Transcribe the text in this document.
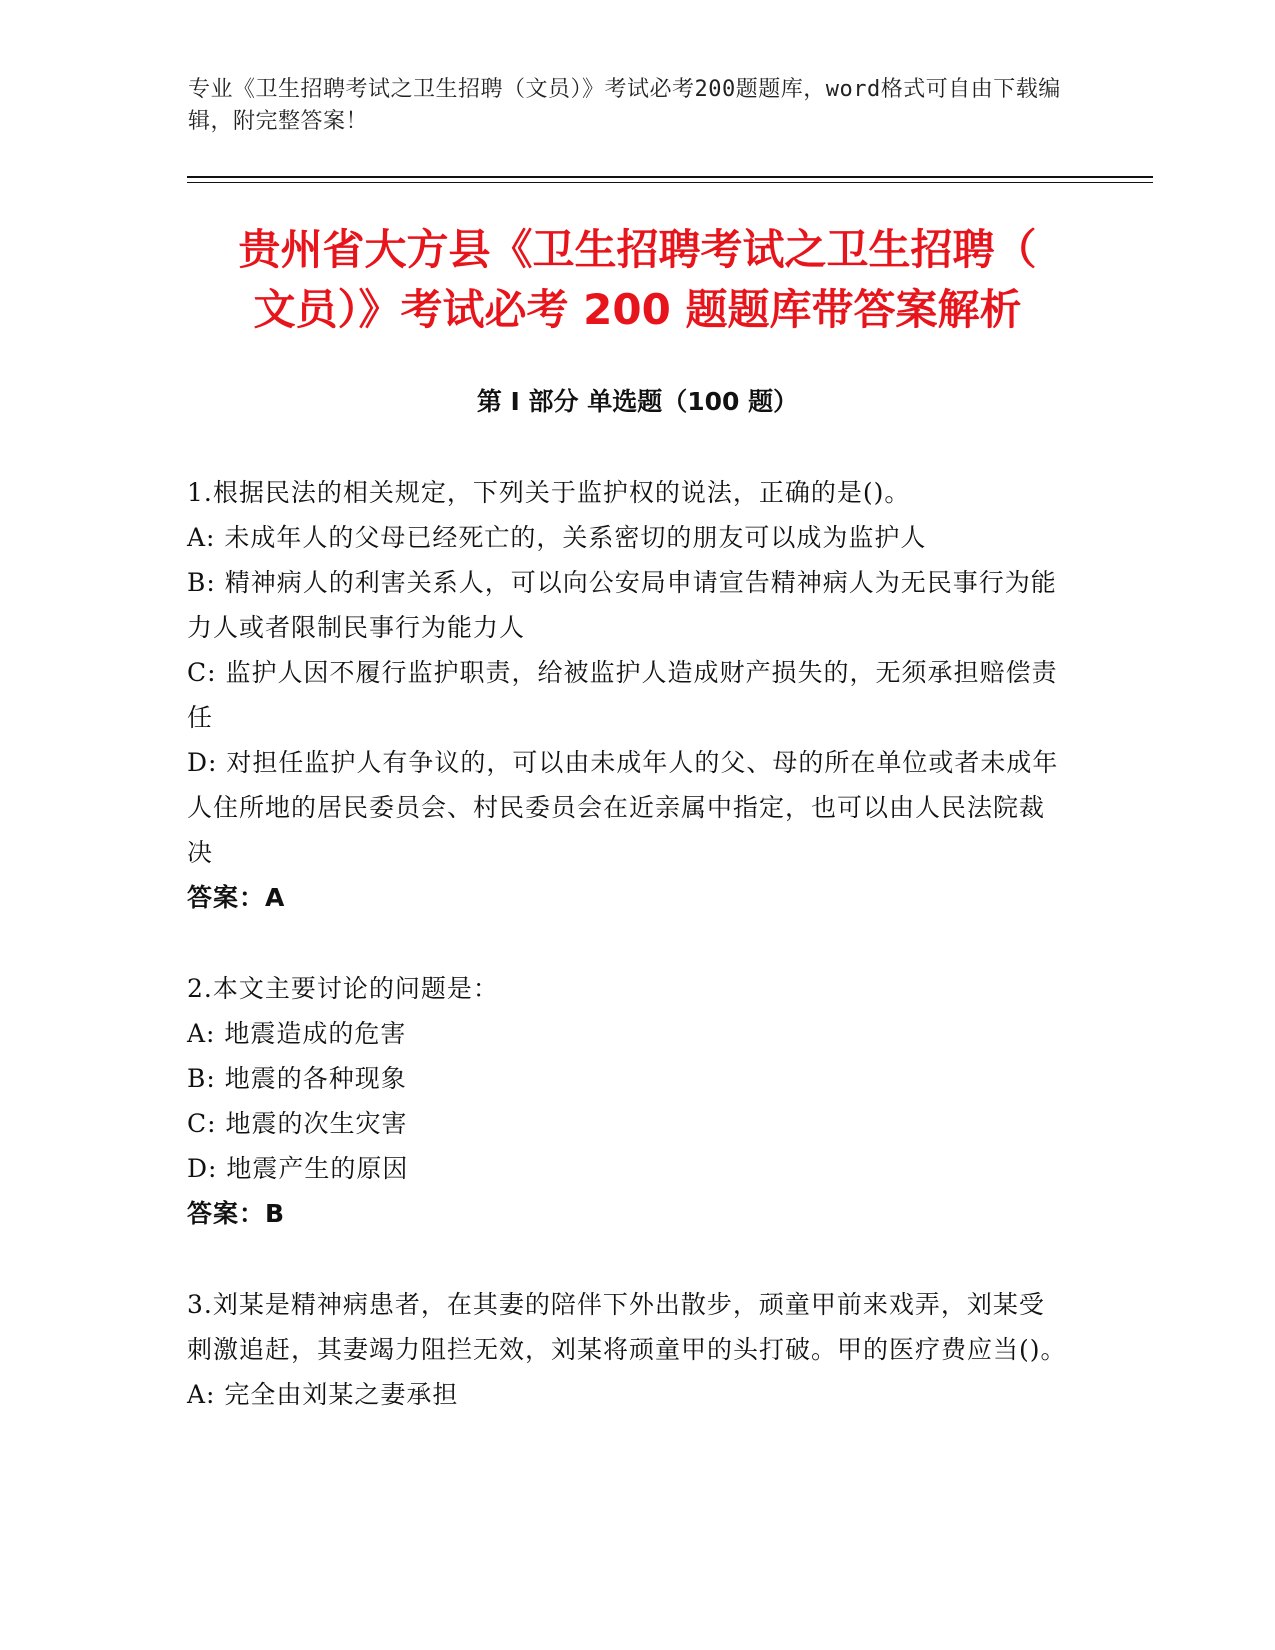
专业《卫生招聘考试之卫生招聘（文员）》考试必考200题题库，word格式可自由下载编辑，附完整答案！
贵州省大方县《卫生招聘考试之卫生招聘（
文员）》考试必考 200 题题库带答案解析
第 I 部分 单选题（100 题）
1.根据民法的相关规定，下列关于监护权的说法，正确的是()。
A: 未成年人的父母已经死亡的，关系密切的朋友可以成为监护人
B: 精神病人的利害关系人，可以向公安局申请宣告精神病人为无民事行为能力人或者限制民事行为能力人
C: 监护人因不履行监护职责，给被监护人造成财产损失的，无须承担赔偿责任
D: 对担任监护人有争议的，可以由未成年人的父、母的所在单位或者未成年人住所地的居民委员会、村民委员会在近亲属中指定，也可以由人民法院裁决
答案：A
2.本文主要讨论的问题是：
A: 地震造成的危害
B: 地震的各种现象
C: 地震的次生灾害
D: 地震产生的原因
答案：B
3.刘某是精神病患者，在其妻的陪伴下外出散步，顽童甲前来戏弄，刘某受刺激追赶，其妻竭力阻拦无效，刘某将顽童甲的头打破。甲的医疗费应当()。
A: 完全由刘某之妻承担
